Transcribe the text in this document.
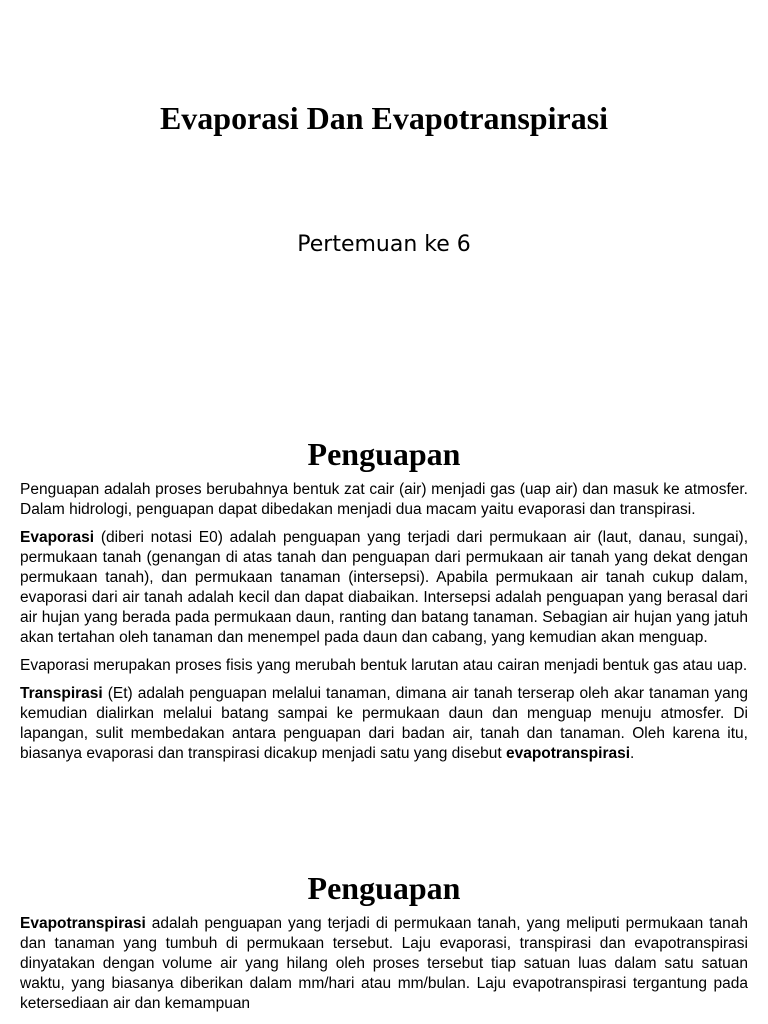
Evaporasi Dan Evapotranspirasi
Pertemuan ke 6
Penguapan

Penguapan adalah proses berubahnya bentuk zat cair (air) menjadi gas (uap air) dan masuk ke atmosfer. Dalam hidrologi, penguapan dapat dibedakan menjadi dua macam yaitu evaporasi dan transpirasi.

Evaporasi (diberi notasi E0) adalah penguapan yang terjadi dari permukaan air (laut, danau, sungai), permukaan tanah (genangan di atas tanah dan penguapan dari permukaan air tanah yang dekat dengan permukaan tanah), dan permukaan tanaman (intersepsi). Apabila permukaan air tanah cukup dalam, evaporasi dari air tanah adalah kecil dan dapat diabaikan. Intersepsi adalah penguapan yang berasal dari air hujan yang berada pada permukaan daun, ranting dan batang tanaman. Sebagian air hujan yang jatuh akan tertahan oleh tanaman dan menempel pada daun dan cabang, yang kemudian akan menguap.

Evaporasi merupakan proses fisis yang merubah bentuk larutan atau cairan menjadi bentuk gas atau uap.

Transpirasi (Et) adalah penguapan melalui tanaman, dimana air tanah terserap oleh akar tanaman yang kemudian dialirkan melalui batang sampai ke permukaan daun dan menguap menuju atmosfer. Di lapangan, sulit membedakan antara penguapan dari badan air, tanah dan tanaman. Oleh karena itu, biasanya evaporasi dan transpirasi dicakup menjadi satu yang disebut evapotranspirasi.

Penguapan

Evapotranspirasi adalah penguapan yang terjadi di permukaan tanah, yang meliputi permukaan tanah dan tanaman yang tumbuh di permukaan tersebut. Laju evaporasi, transpirasi dan evapotranspirasi dinyatakan dengan volume air yang hilang oleh proses tersebut tiap satuan luas dalam satu satuan waktu, yang biasanya diberikan dalam mm/hari atau mm/bulan. Laju evapotranspirasi tergantung pada ketersediaan air dan kemampuan
